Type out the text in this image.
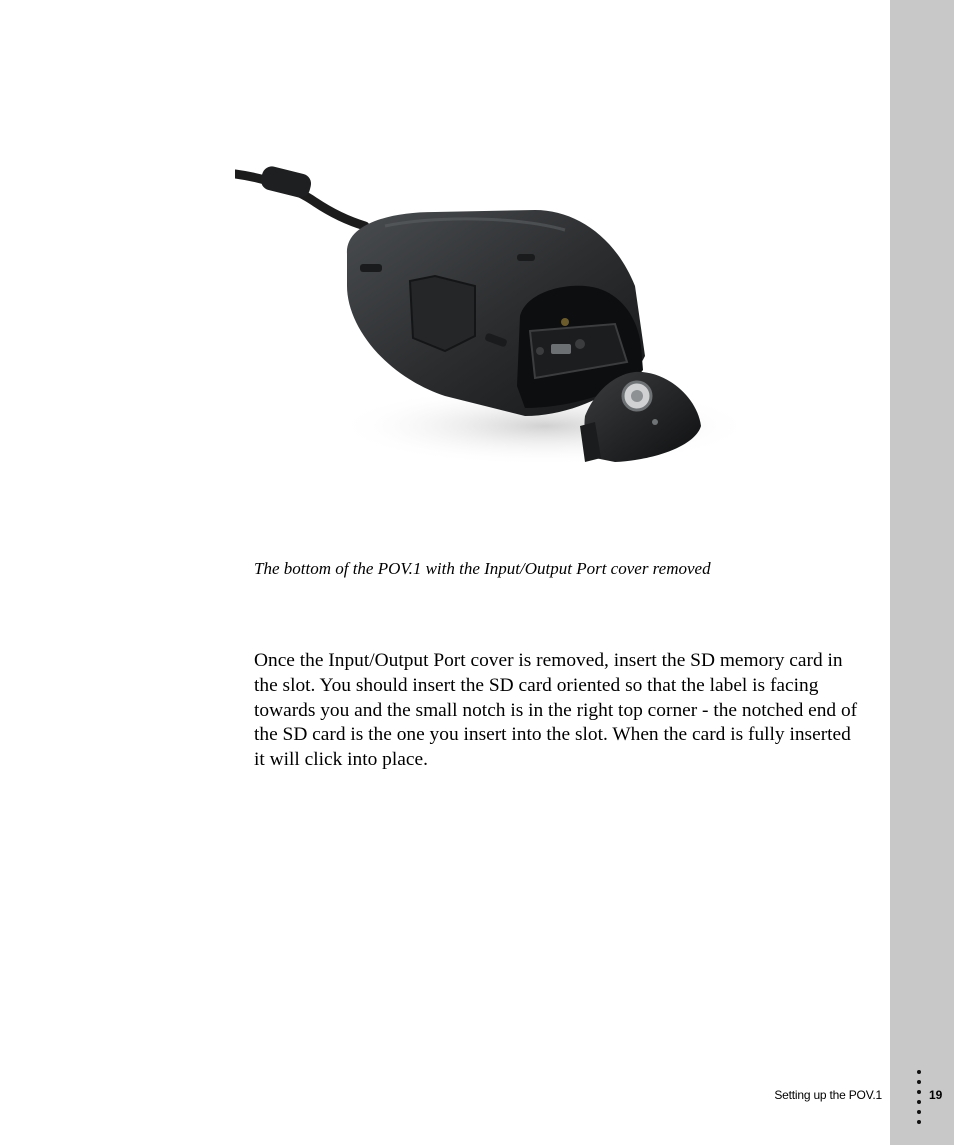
The bottom of the POV.1 with the Input/Output Port cover removed

Once the Input/Output Port cover is removed, insert the SD memory card in the slot. You should insert the SD card oriented so that the label is facing towards you and the small notch is in the right top corner - the notched end of the SD card is the one you insert into the slot. When the card is fully inserted it will click into place.

Setting up the POV.1	19
